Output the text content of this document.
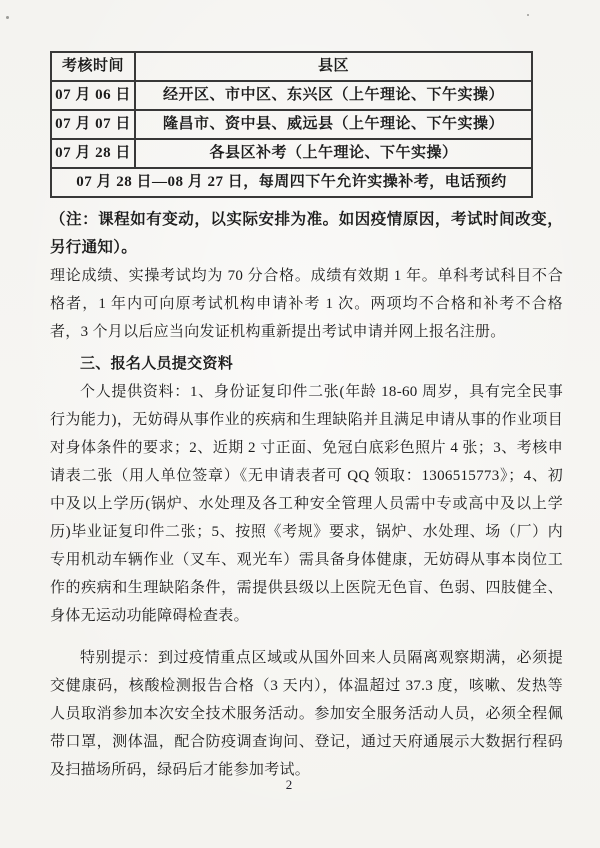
考核时间	县区
07 月 06 日	经开区、市中区、东兴区（上午理论、下午实操）
07 月 07 日	隆昌市、资中县、威远县（上午理论、下午实操）
07 月 28 日	各县区补考（上午理论、下午实操）
07 月 28 日—08 月 27 日，每周四下午允许实操补考，电话预约	

（注：课程如有变动，以实际安排为准。如因疫情原因，考试时间改变，另行通知）。

理论成绩、实操考试均为 70 分合格。成绩有效期 1 年。单科考试科目不合格者，1 年内可向原考试机构申请补考 1 次。两项均不合格和补考不合格者，3 个月以后应当向发证机构重新提出考试申请并网上报名注册。

三、报名人员提交资料

个人提供资料：1、身份证复印件二张(年龄 18-60 周岁，具有完全民事行为能力)，无妨碍从事作业的疾病和生理缺陷并且满足申请从事的作业项目对身体条件的要求；2、近期 2 寸正面、免冠白底彩色照片 4 张；3、考核申请表二张（用人单位签章）《无申请表者可 QQ 领取：1306515773》；4、初中及以上学历(锅炉、水处理及各工种安全管理人员需中专或高中及以上学历)毕业证复印件二张；5、按照《考规》要求，锅炉、水处理、场（厂）内专用机动车辆作业（叉车、观光车）需具备身体健康，无妨碍从事本岗位工作的疾病和生理缺陷条件，需提供县级以上医院无色盲、色弱、四肢健全、身体无运动功能障碍检查表。

特别提示：到过疫情重点区域或从国外回来人员隔离观察期满，必须提交健康码，核酸检测报告合格（3 天内），体温超过 37.3 度，咳嗽、发热等人员取消参加本次安全技术服务活动。参加安全服务活动人员，必须全程佩带口罩，测体温，配合防疫调查询问、登记，通过天府通展示大数据行程码及扫描场所码，绿码后才能参加考试。

2
